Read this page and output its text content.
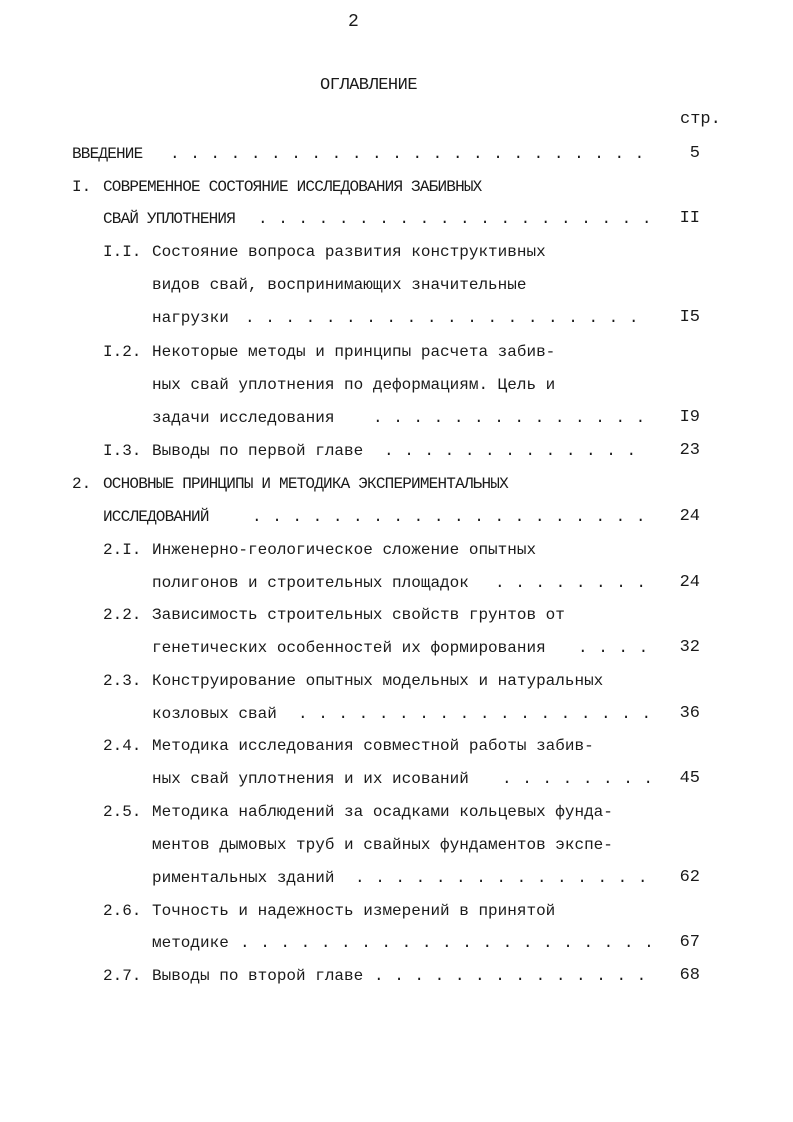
2
ОГЛАВЛЕНИЕ
стр.
ВВЕДЕНИЕ . . .	5
I. СОВРЕМЕННОЕ СОСТОЯНИЕ ИССЛЕДОВАНИЯ ЗАБИВНЫХ
СВАЙ УПЛОТНЕНИЯ . . .	II
I.I. Состояние вопроса развития конструктивных
видов свай, воспринимающих значительные
нагрузки . . .	I5
I.2. Некоторые методы и принципы расчета забив-
ных свай уплотнения по деформациям. Цель и
задачи исследования . . .	I9
I.3. Выводы по первой главе . . .	23
2. ОСНОВНЫЕ ПРИНЦИПЫ И МЕТОДИКА ЭКСПЕРИМЕНТАЛЬНЫХ
ИССЛЕДОВАНИЙ . . .	24
2.I. Инженерно-геологическое сложение опытных
полигонов и строительных площадок . . .	24
2.2. Зависимость строительных свойств грунтов от
генетических особенностей их формирования . . .	32
2.3. Конструирование опытных модельных и натуральных
козловых свай . . .	36
2.4. Методика исследования совместной работы забив-
ных свай уплотнения и их исований . . .	45
2.5. Методика наблюдений за осадками кольцевых фунда-
ментов дымовых труб и свайных фундаментов экспе-
риментальных зданий . . .	62
2.6. Точность и надежность измерений в принятой
методике . . .	67
2.7. Выводы по второй главе . . .	68
